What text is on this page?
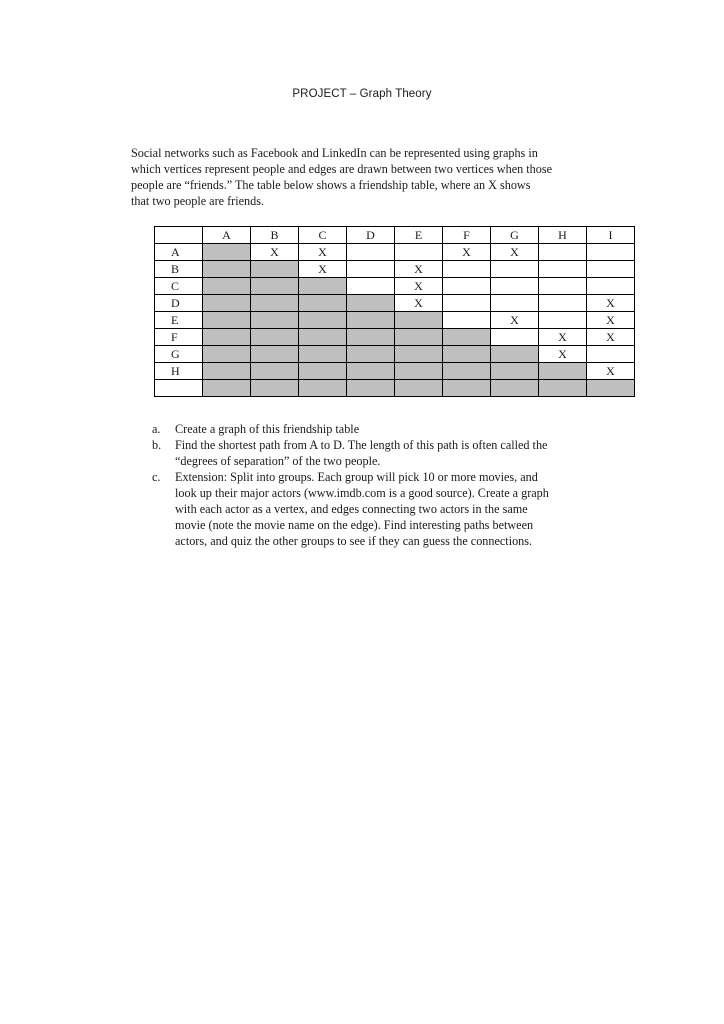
PROJECT – Graph Theory
Social networks such as Facebook and LinkedIn can be represented using graphs in
which vertices represent people and edges are drawn between two vertices when those
people are “friends.” The table below shows a friendship table, where an X shows
that two people are friends.
	A	B	C	D	E	F	G	H	I
A		X	X			X	X		
B			X		X				
C					X				
D					X				X
E							X		X
F								X	X
G								X	
H									X

a. Create a graph of this friendship table
b. Find the shortest path from A to D. The length of this path is often called the
“degrees of separation” of the two people.
c. Extension: Split into groups. Each group will pick 10 or more movies, and
look up their major actors (www.imdb.com is a good source). Create a graph
with each actor as a vertex, and edges connecting two actors in the same
movie (note the movie name on the edge). Find interesting paths between
actors, and quiz the other groups to see if they can guess the connections.
